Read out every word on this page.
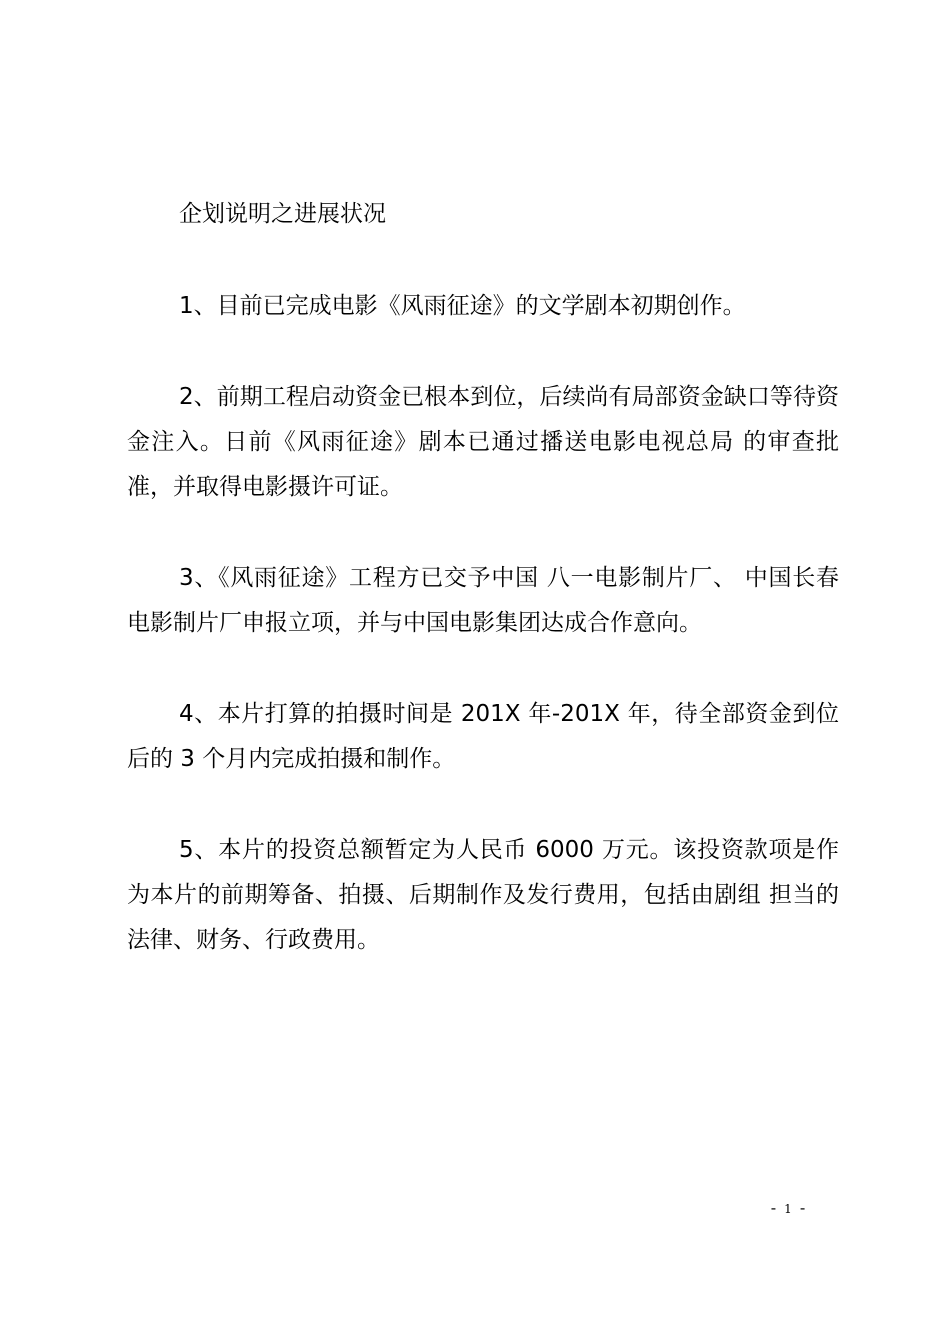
企划说明之进展状况

1、目前已完成电影《风雨征途》的文学剧本初期创作。

2、前期工程启动资金已根本到位，后续尚有局部资金缺口等待资金注入。日前《风雨征途》剧本已通过播送电影电视总局 的审查批准，并取得电影摄许可证。

3、《风雨征途》工程方已交予中国 八一电影制片厂、 中国长春电影制片厂申报立项，并与中国电影集团达成合作意向。

4、本片打算的拍摄时间是 201X 年-201X 年，待全部资金到位后的 3 个月内完成拍摄和制作。

5、本片的投资总额暂定为人民币 6000 万元。该投资款项是作为本片的前期筹备、拍摄、后期制作及发行费用，包括由剧组 担当的法律、财务、行政费用。

-1-
